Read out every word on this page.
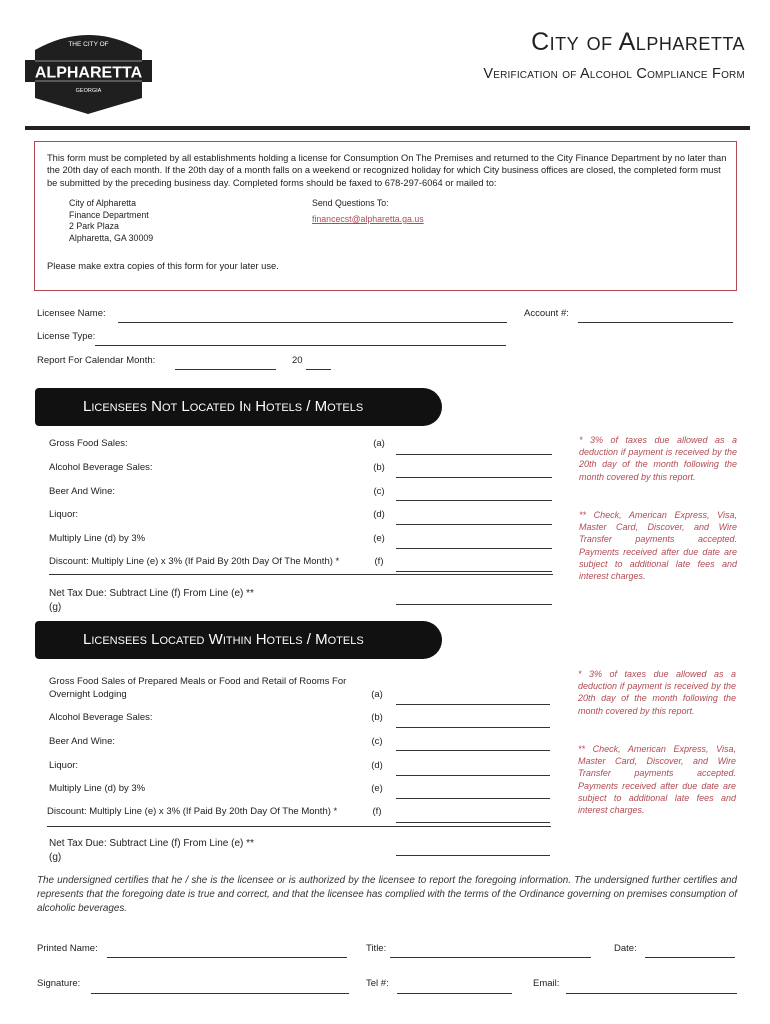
THE CITY OF
ALPHARETTA
GEORGIA
City of Alpharetta
Verification of Alcohol Compliance Form
This form must be completed by all establishments holding a license for Consumption On The Premises and returned to the City Finance Department by no later than the 20th day of each month. If the 20th day of a month falls on a weekend or recognized holiday for which City business offices are closed, the completed form must be submitted by the preceding business day. Completed forms should be faxed to 678-297-6064 or mailed to:
City of Alpharetta
Finance Department
2 Park Plaza
Alpharetta, GA 30009
Send Questions To:
financecst@alpharetta.ga.us
Please make extra copies of this form for your later use.
Licensee Name:	Account #:
License Type:
Report For Calendar Month:	20
Licensees Not Located In Hotels / Motels
Gross Food Sales:	(a)
Alcohol Beverage Sales:	(b)
Beer And Wine:	(c)
Liquor:	(d)
Multiply Line (d) by 3%	(e)
Discount: Multiply Line (e) x 3% (If Paid By 20th Day Of The Month) *	(f)
Net Tax Due: Subtract Line (f) From Line (e) **
(g)
* 3% of taxes due allowed as a deduction if payment is received by the 20th day of the month following the month covered by this report.
** Check, American Express, Visa, Master Card, Discover, and Wire Transfer payments accepted. Payments received after due date are subject to additional late fees and interest charges.
Licensees Located Within Hotels / Motels
Gross Food Sales of Prepared Meals or Food and Retail of Rooms For Overnight Lodging	(a)
Alcohol Beverage Sales:	(b)
Beer And Wine:	(c)
Liquor:	(d)
Multiply Line (d) by 3%	(e)
Discount: Multiply Line (e) x 3% (If Paid By 20th Day Of The Month) *	(f)
Net Tax Due: Subtract Line (f) From Line (e) **
(g)
* 3% of taxes due allowed as a deduction if payment is received by the 20th day of the month following the month covered by this report.
** Check, American Express, Visa, Master Card, Discover, and Wire Transfer payments accepted. Payments received after due date are subject to additional late fees and interest charges.
The undersigned certifies that he / she is the licensee or is authorized by the licensee to report the foregoing information. The undersigned further certifies and represents that the foregoing date is true and correct, and that the licensee has complied with the terms of the Ordinance governing on premises consumption of alcoholic beverages.
Printed Name:	Title:	Date:
Signature:	Tel #:	Email:
